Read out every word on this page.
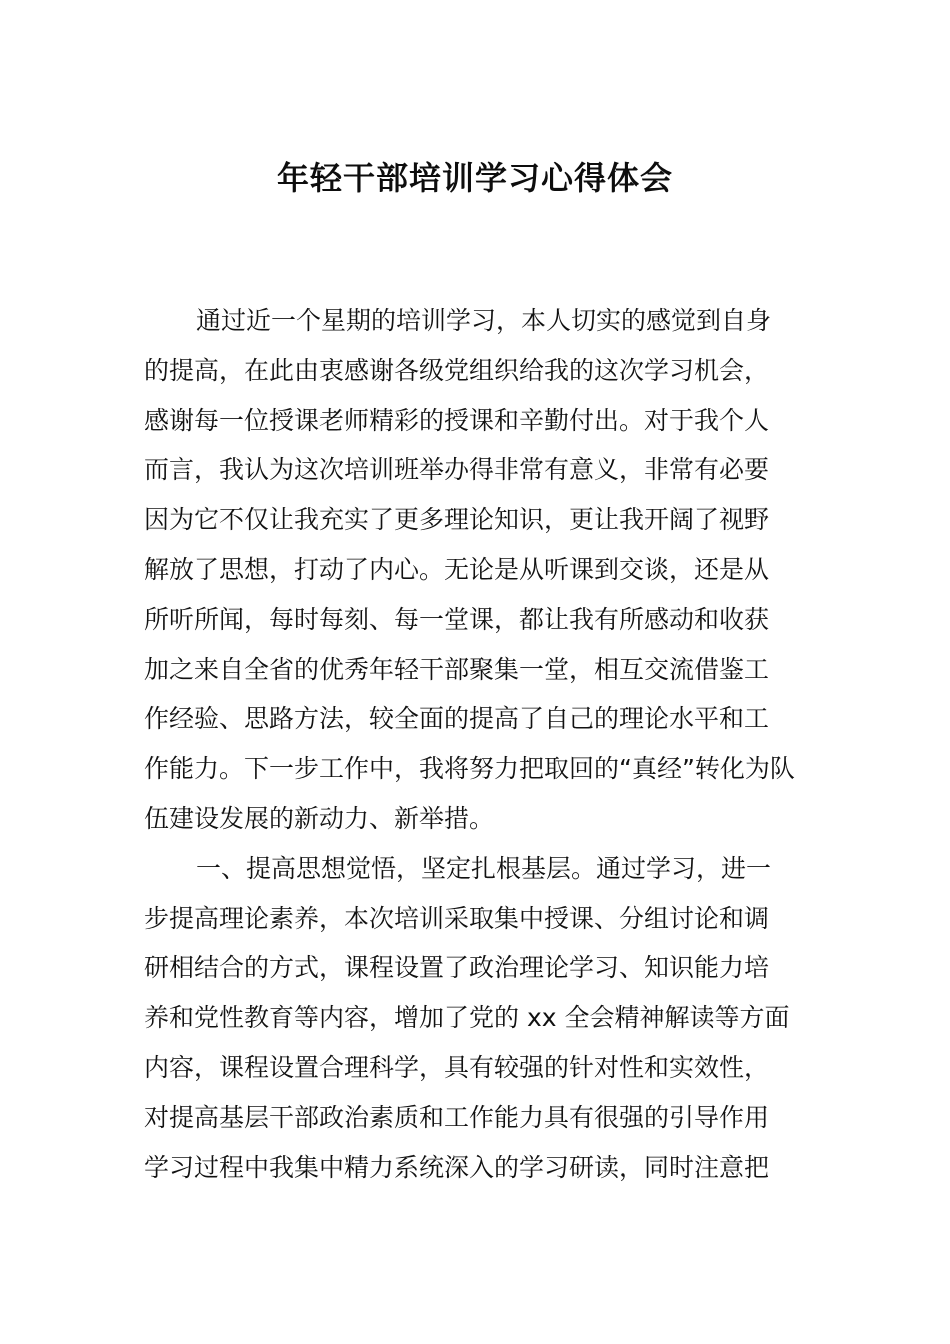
年轻干部培训学习心得体会
通过近一个星期的培训学习，本人切实的感觉到自身
的提高，在此由衷感谢各级党组织给我的这次学习机会，
感谢每一位授课老师精彩的授课和辛勤付出。对于我个人
而言，我认为这次培训班举办得非常有意义，非常有必要
因为它不仅让我充实了更多理论知识，更让我开阔了视野
解放了思想，打动了内心。无论是从听课到交谈，还是从
所听所闻，每时每刻、每一堂课，都让我有所感动和收获
加之来自全省的优秀年轻干部聚集一堂，相互交流借鉴工
作经验、思路方法，较全面的提高了自己的理论水平和工
作能力。下一步工作中，我将努力把取回的“真经”转化为队
伍建设发展的新动力、新举措。
一、提高思想觉悟，坚定扎根基层。通过学习，进一
步提高理论素养，本次培训采取集中授课、分组讨论和调
研相结合的方式，课程设置了政治理论学习、知识能力培
养和党性教育等内容，增加了党的 xx 全会精神解读等方面
内容，课程设置合理科学，具有较强的针对性和实效性，
对提高基层干部政治素质和工作能力具有很强的引导作用
学习过程中我集中精力系统深入的学习研读，同时注意把
